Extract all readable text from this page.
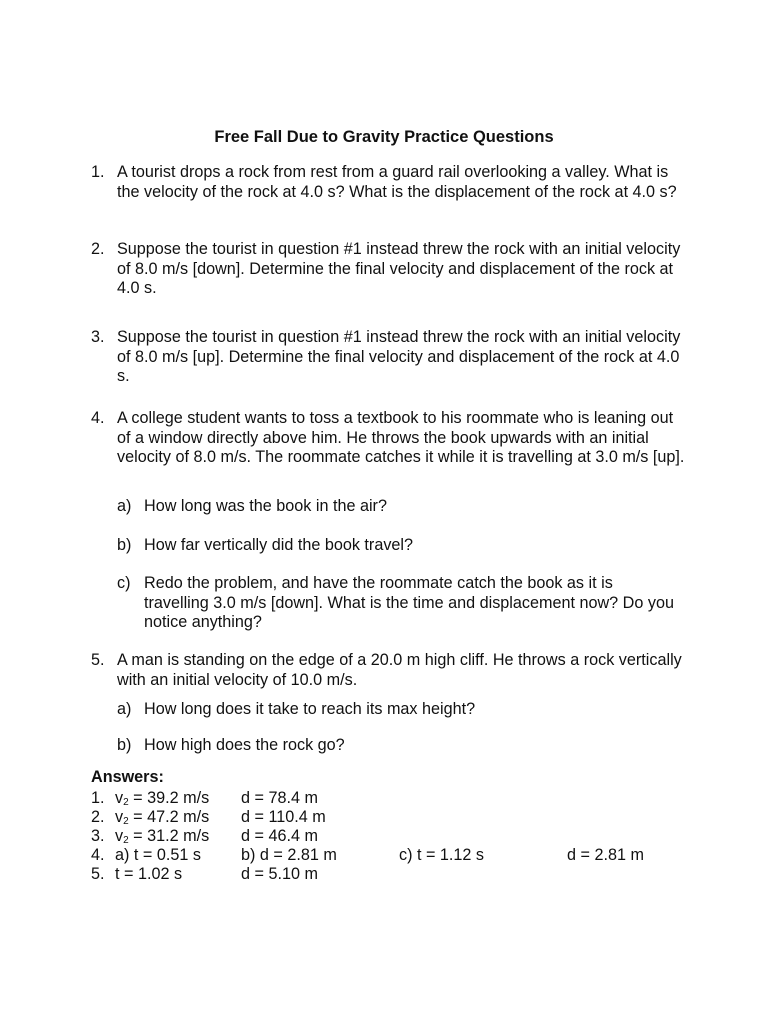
Free Fall Due to Gravity Practice Questions
1. A tourist drops a rock from rest from a guard rail overlooking a valley. What is the velocity of the rock at 4.0 s? What is the displacement of the rock at 4.0 s?
2. Suppose the tourist in question #1 instead threw the rock with an initial velocity of 8.0 m/s [down]. Determine the final velocity and displacement of the rock at 4.0 s.
3. Suppose the tourist in question #1 instead threw the rock with an initial velocity of 8.0 m/s [up]. Determine the final velocity and displacement of the rock at 4.0 s.
4. A college student wants to toss a textbook to his roommate who is leaning out of a window directly above him. He throws the book upwards with an initial velocity of 8.0 m/s. The roommate catches it while it is travelling at 3.0 m/s [up].
a) How long was the book in the air?
b) How far vertically did the book travel?
c) Redo the problem, and have the roommate catch the book as it is travelling 3.0 m/s [down]. What is the time and displacement now? Do you notice anything?
5. A man is standing on the edge of a 20.0 m high cliff. He throws a rock vertically with an initial velocity of 10.0 m/s.
a) How long does it take to reach its max height?
b) How high does the rock go?
Answers:
1. $v_2 = 39.2$ m/s d = 78.4 m
2. $v_2 = 47.2$ m/s d = 110.4 m
3. $v_2 = 31.2$ m/s d = 46.4 m
4. a) t = 0.51 s b) d = 2.81 m	c) t = 1.12 s	d = 2.81 m
5. t = 1.02 s	d = 5.10 m
